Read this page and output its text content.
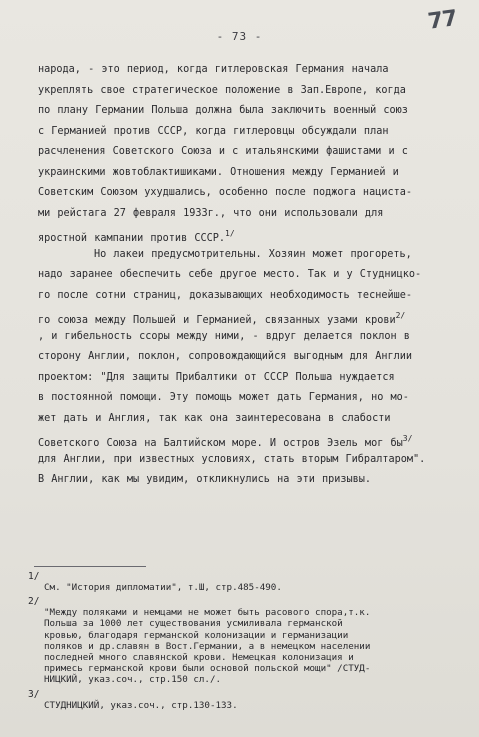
- 73 -
77
народа, - это период, когда гитлеровская Германия начала
укреплять свое стратегическое положение в Зап.Европе, когда
по плану Германии Польша должна была заключить военный союз
с Германией против СССР, когда гитлеровцы обсуждали план
расчленения Советского Союза и с итальянскими фашистами и с
украинскими жовтоблактишиками. Отношения между Германией и
Советским Союзом ухудшались, особенно после поджога нациста-
ми рейстага 27 февраля 1933г., что они использовали для
яростной кампании против СССР.$^{1/}$
Но лакеи предусмотрительны. Хозяин может прогореть,
надо заранее обеспечить себе другое место. Так и у Студницко-
го после сотни страниц, доказывающих необходимость теснейше-
го союза между Польшей и Германией, связанных узами крови$^{2/}$
, и гибельность ссоры между ними, - вдруг делается поклон в
сторону Англии, поклон, сопровождающийся выгодным для Англии
проектом: "Для защиты Прибалтики от СССР Польша нуждается
в постоянной помощи. Эту помощь может дать Германия, но мо-
жет дать и Англия, так как она заинтересована в слабости
Советского Союза на Балтийском море. И остров Эзель мог бы$^{3/}$
для Англии, при известных условиях, стать вторым Гибралтаром".
В Англии, как мы увидим, откликнулись на эти призывы.
1/
См. "История дипломатии", т.Ш, стр.485-490.
2/
"Между поляками и немцами не может быть расового спора,т.к.
Польша за 1000 лет существования усмиливала германской
кровью, благодаря германской колонизации и германизации
поляков и др.славян в Вост.Германии, а в немецком населении
последней много славянской крови. Немецкая колонизация и
примесь германской крови были основой польской мощи" /СТУД-
НИЦКИЙ, указ.соч., стр.150 сл./.
3/
СТУДНИЦКИЙ, указ.соч., стр.130-133.
